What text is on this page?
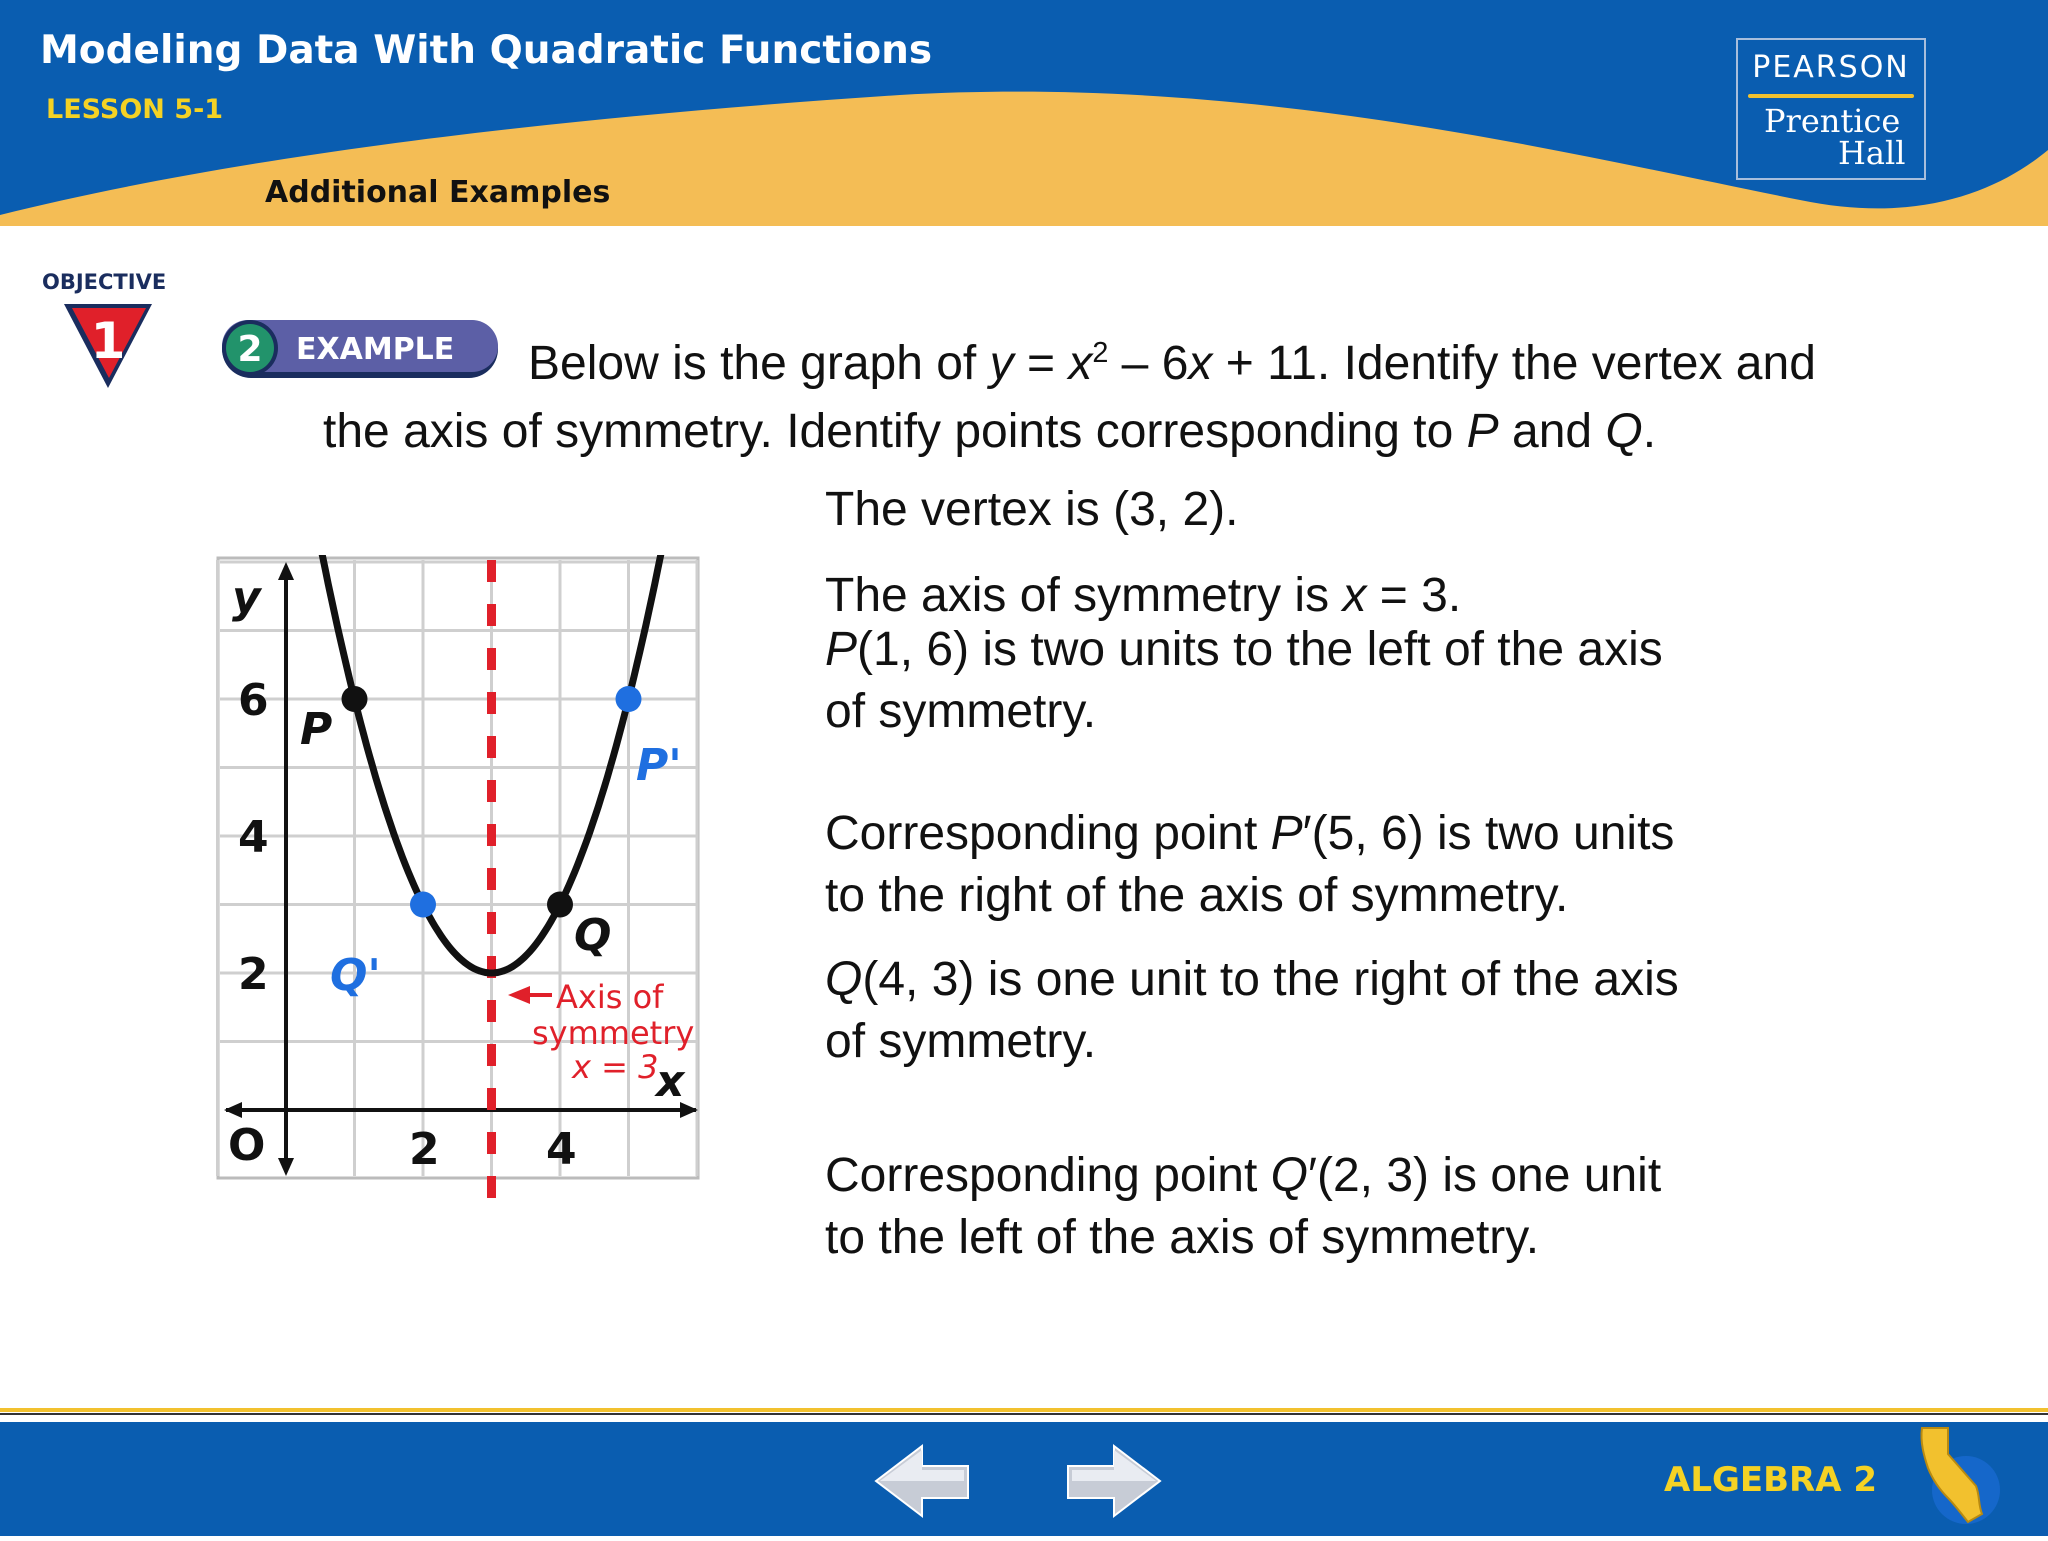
Modeling Data With Quadratic Functions
LESSON 5-1
Additional Examples
PEARSON
Prentice
Hall
OBJECTIVE
1	2 EXAMPLE Below is the graph of $y = x^2 - 6x + 11$. Identify the vertex and
the axis of symmetry. Identify points corresponding to P and Q.
The vertex is (3, 2).
The axis of symmetry is x = 3.
P(1, 6) is two units to the left of the axis
of symmetry.
Corresponding point P′(5, 6) is two units
to the right of the axis of symmetry.
Q(4, 3) is one unit to the right of the axis
of symmetry.
Corresponding point Q′(2, 3) is one unit
to the left of the axis of symmetry.
y
x
O
2
4
6
2 4
P
P'
Q
Q'	Axis of
symmetry
x = 3
ALGEBRA 2
